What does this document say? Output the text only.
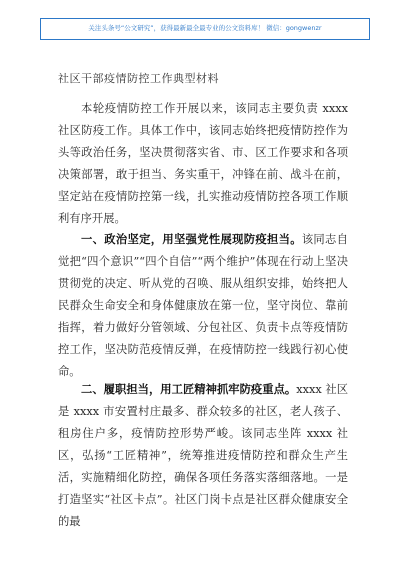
关注头条号“公文研究”，获得最新最全最专业的公文资料库！ 微信：gongwenzr
社区干部疫情防控工作典型材料
本轮疫情防控工作开展以来，该同志主要负责 xxxx 社区防疫工作。具体工作中，该同志始终把疫情防控作为头等政治任务，坚决贯彻落实省、市、区工作要求和各项决策部署，敢于担当、务实重干，冲锋在前、战斗在前，坚定站在疫情防控第一线，扎实推动疫情防控各项工作顺利有序开展。
一、政治坚定，用坚强党性展现防疫担当。该同志自觉把“四个意识”“四个自信”“两个维护”体现在行动上坚决贯彻党的决定、听从党的召唤、服从组织安排，始终把人民群众生命安全和身体健康放在第一位，坚守岗位、靠前指挥，着力做好分管领域、分包社区、负责卡点等疫情防控工作，坚决防范疫情反弹，在疫情防控一线践行初心使命。
二、履职担当，用工匠精神抓牢防疫重点。xxxx 社区是 xxxx 市安置村庄最多、群众较多的社区，老人孩子、租房住户多，疫情防控形势严峻。该同志坐阵 xxxx 社区，弘扬“工匠精神”，统筹推进疫情防控和群众生产生活，实施精细化防控，确保各项任务落实落细落地。一是打造坚实“社区卡点”。社区门岗卡点是社区群众健康安全的最
